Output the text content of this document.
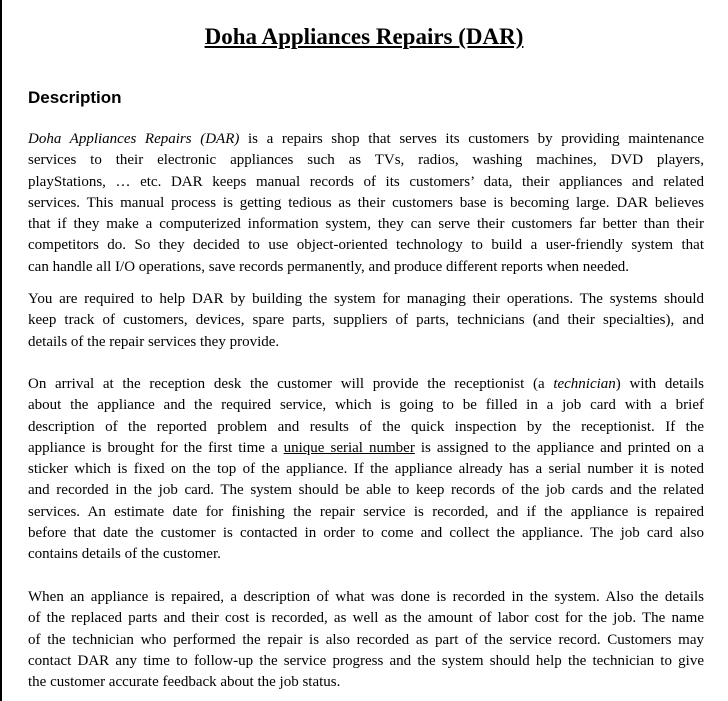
Doha Appliances Repairs (DAR)
Description
Doha Appliances Repairs (DAR) is a repairs shop that serves its customers by providing maintenance
services to their electronic appliances such as TVs, radios, washing machines, DVD players,
playStations, … etc. DAR keeps manual records of its customers’ data, their appliances and related
services. This manual process is getting tedious as their customers base is becoming large. DAR believes
that if they make a computerized information system, they can serve their customers far better than their
competitors do. So they decided to use object-oriented technology to build a user-friendly system that
can handle all I/O operations, save records permanently, and produce different reports when needed.
You are required to help DAR by building the system for managing their operations. The systems should
keep track of customers, devices, spare parts, suppliers of parts, technicians (and their specialties), and
details of the repair services they provide.
On arrival at the reception desk the customer will provide the receptionist (a technician) with details
about the appliance and the required service, which is going to be filled in a job card with a brief
description of the reported problem and results of the quick inspection by the receptionist. If the
appliance is brought for the first time a unique serial number is assigned to the appliance and printed on a
sticker which is fixed on the top of the appliance. If the appliance already has a serial number it is noted
and recorded in the job card. The system should be able to keep records of the job cards and the related
services. An estimate date for finishing the repair service is recorded, and if the appliance is repaired
before that date the customer is contacted in order to come and collect the appliance. The job card also
contains details of the customer.
When an appliance is repaired, a description of what was done is recorded in the system. Also the details
of the replaced parts and their cost is recorded, as well as the amount of labor cost for the job. The name
of the technician who performed the repair is also recorded as part of the service record. Customers may
contact DAR any time to follow-up the service progress and the system should help the technician to give
the customer accurate feedback about the job status.
